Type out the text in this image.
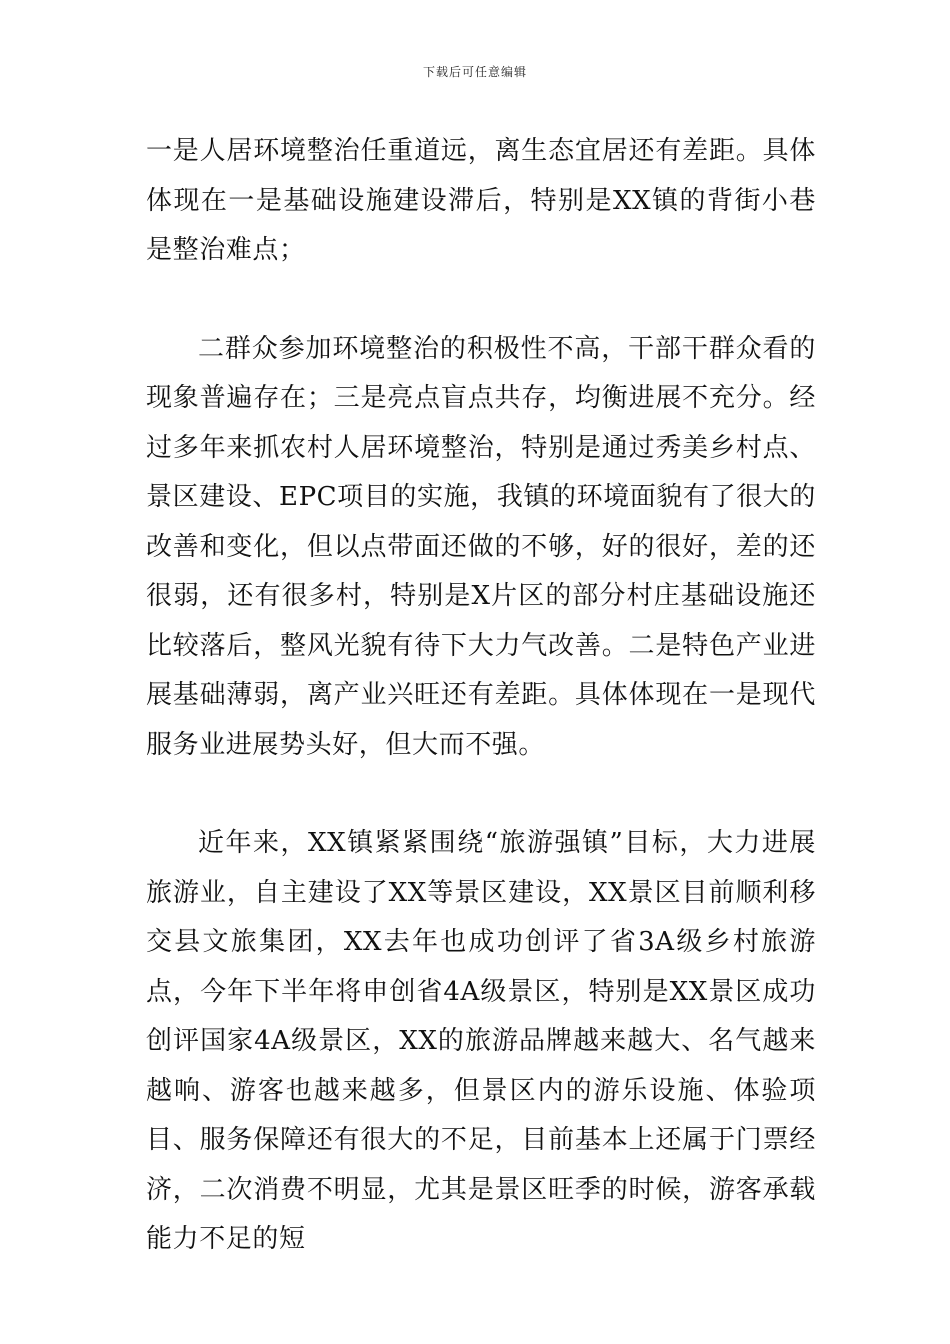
下载后可任意编辑

一是人居环境整治任重道远，离生态宜居还有差距。具体体现在一是基础设施建设滞后，特别是XX镇的背街小巷是整治难点；

二群众参加环境整治的积极性不高，干部干群众看的现象普遍存在；三是亮点盲点共存，均衡进展不充分。经过多年来抓农村人居环境整治，特别是通过秀美乡村点、景区建设、EPC项目的实施，我镇的环境面貌有了很大的改善和变化，但以点带面还做的不够，好的很好，差的还很弱，还有很多村，特别是X片区的部分村庄基础设施还比较落后，整风光貌有待下大力气改善。二是特色产业进展基础薄弱，离产业兴旺还有差距。具体体现在一是现代服务业进展势头好，但大而不强。

近年来，XX镇紧紧围绕“旅游强镇”目标，大力进展旅游业，自主建设了XX等景区建设，XX景区目前顺利移交县文旅集团，XX去年也成功创评了省3A级乡村旅游点，今年下半年将申创省4A级景区，特别是XX景区成功创评国家4A级景区，XX的旅游品牌越来越大、名气越来越响、游客也越来越多，但景区内的游乐设施、体验项目、服务保障还有很大的不足，目前基本上还属于门票经济，二次消费不明显，尤其是景区旺季的时候，游客承载能力不足的短
